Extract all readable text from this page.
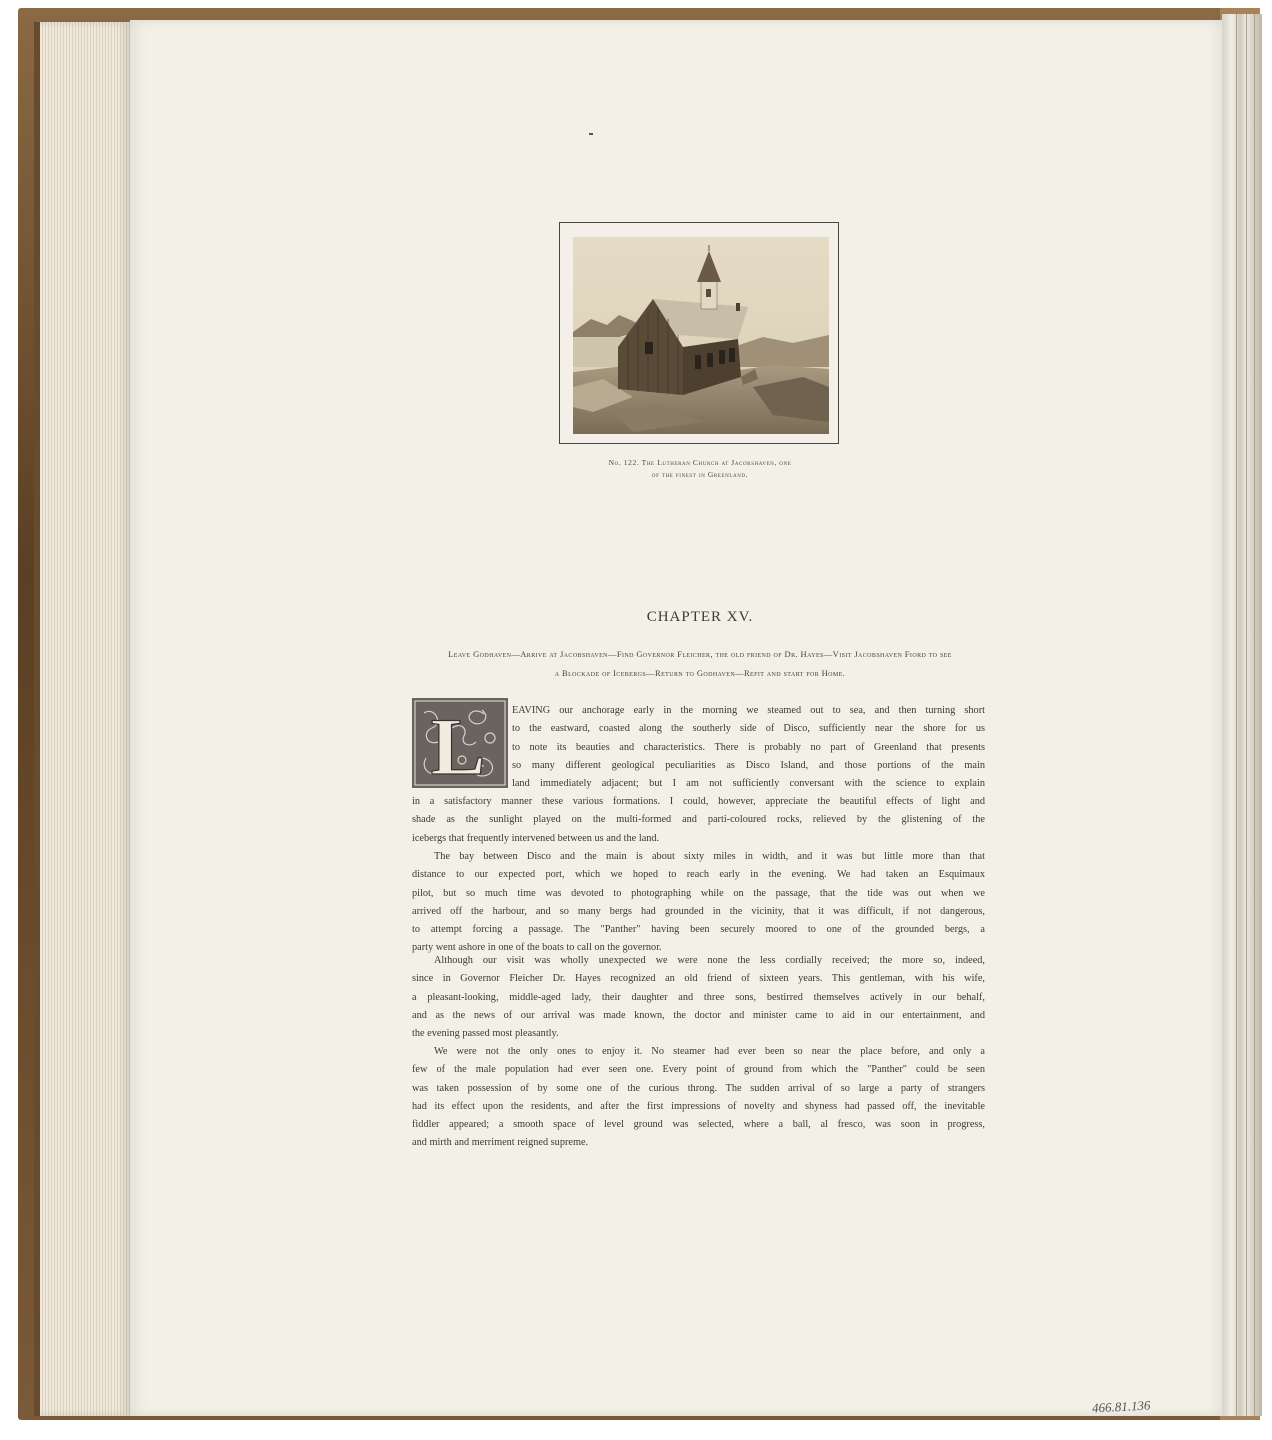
No. 122. The Lutheran Church at Jacobshaven, one
of the finest in Greenland.
CHAPTER XV.
Leave Godhaven—Arrive at Jacobshaven—Find Governor Fleicher, the old friend of Dr. Hayes—Visit Jacobshaven Fiord to see
a Blockade of Icebergs—Return to Godhaven—Refit and start for Home.
L	EAVING our anchorage early in the morning we steamed out to sea, and then turning short
to the eastward, coasted along the southerly side of Disco, sufficiently near the shore for us
to note its beauties and characteristics. There is probably no part of Greenland that presents
so many different geological peculiarities as Disco Island, and those portions of the main
land immediately adjacent; but I am not sufficiently conversant with the science to explain
in a satisfactory manner these various formations. I could, however, appreciate the beautiful effects of light and
shade as the sunlight played on the multi-formed and parti-coloured rocks, relieved by the glistening of the
icebergs that frequently intervened between us and the land.
The bay between Disco and the main is about sixty miles in width, and it was but little more than that
distance to our expected port, which we hoped to reach early in the evening. We had taken an Esquimaux
pilot, but so much time was devoted to photographing while on the passage, that the tide was out when we
arrived off the harbour, and so many bergs had grounded in the vicinity, that it was difficult, if not dangerous,
to attempt forcing a passage. The "Panther" having been securely moored to one of the grounded bergs, a
party went ashore in one of the boats to call on the governor.
Although our visit was wholly unexpected we were none the less cordially received; the more so, indeed,
since in Governor Fleicher Dr. Hayes recognized an old friend of sixteen years. This gentleman, with his wife,
a pleasant-looking, middle-aged lady, their daughter and three sons, bestirred themselves actively in our behalf,
and as the news of our arrival was made known, the doctor and minister came to aid in our entertainment, and
the evening passed most pleasantly.
We were not the only ones to enjoy it. No steamer had ever been so near the place before, and only a
few of the male population had ever seen one. Every point of ground from which the "Panther" could be seen
was taken possession of by some one of the curious throng. The sudden arrival of so large a party of strangers
had its effect upon the residents, and after the first impressions of novelty and shyness had passed off, the inevitable
fiddler appeared; a smooth space of level ground was selected, where a ball, al fresco, was soon in progress,
and mirth and merriment reigned supreme.
466.81.136
